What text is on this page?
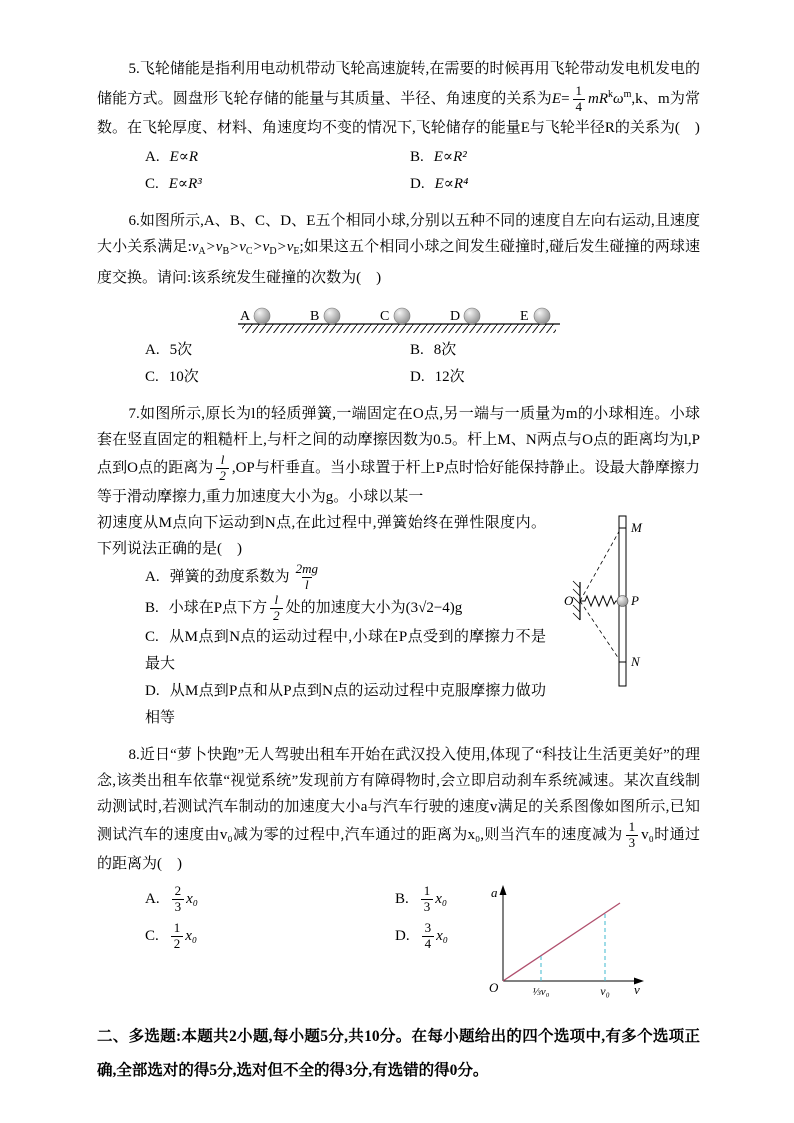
5.飞轮储能是指利用电动机带动飞轮高速旋转,在需要的时候再用飞轮带动发电机发电的储能方式。圆盘形飞轮存储的能量与其质量、半径、角速度的关系为$E= \frac{1}{4} mR^k\omega^m,k$、m为常数。在飞轮厚度、材料、角速度均不变的情况下,飞轮储存的能量E与飞轮半径R的关系为(    )

A. E∝R	B. E∝R²
C. E∝R³	D. E∝R⁴

6.如图所示,A、B、C、D、E五个相同小球,分别以五种不同的速度自左向右运动,且速度大小关系满足$:v_A>v_B>v_C>v_D>v_E$;如果这五个相同小球之间发生碰撞时,碰后发生碰撞的两球速度交换。请问:该系统发生碰撞的次数为(    )

A	B	C	D	E
A. 5次	B. 8次
C. 10次	D. 12次

7.如图所示,原长为l的轻质弹簧,一端固定在O点,另一端与一质量为m的小球相连。小球套在竖直固定的粗糙杆上,与杆之间的动摩擦因数为0.5。杆上M、N两点与O点的距离均为l,P点到O点的距离为 $\frac{l}{2} ,OP$与杆垂直。当小球置于杆上P点时恰好能保持静止。设最大静摩擦力等于滑动摩擦力,重力加速度大小为g。小球以某一

M
O	P
N

初速度从M点向下运动到N点,在此过程中,弹簧始终在弹性限度内。下列说法正确的是(    )

A. 弹簧的劲度系数为 $\frac{2mg}{l}$
B. 小球在P点下方 $\frac{l}{2}$ 处的加速度大小为(3√2−4)g
C. 从M点到N点的运动过程中,小球在P点受到的摩擦力不是最大
D. 从M点到P点和从P点到N点的运动过程中克服摩擦力做功相等

8.近日“萝卜快跑”无人驾驶出租车开始在武汉投入使用,体现了“科技让生活更美好”的理念,该类出租车依靠“视觉系统”发现前方有障碍物时,会立即启动刹车系统减速。某次直线制动测试时,若测试汽车制动的加速度大小a与汽车行驶的速度v满足的关系图像如图所示,已知测试汽车的速度由v₀减为零的过程中,汽车通过的距离为x₀,则当汽车的速度减为 $\frac{1}{3} v_0$时通过的距离为(    )

a
v
O	⅓v₀	v₀
A. $\frac{2}{3} x_0$	B. $\frac{1}{3} x_0$
C. $\frac{1}{2} x_0$	D. $\frac{3}{4} x_0$

二、多选题:本题共2小题,每小题5分,共10分。在每小题给出的四个选项中,有多个选项正确,全部选对的得5分,选对但不全的得3分,有选错的得0分。
